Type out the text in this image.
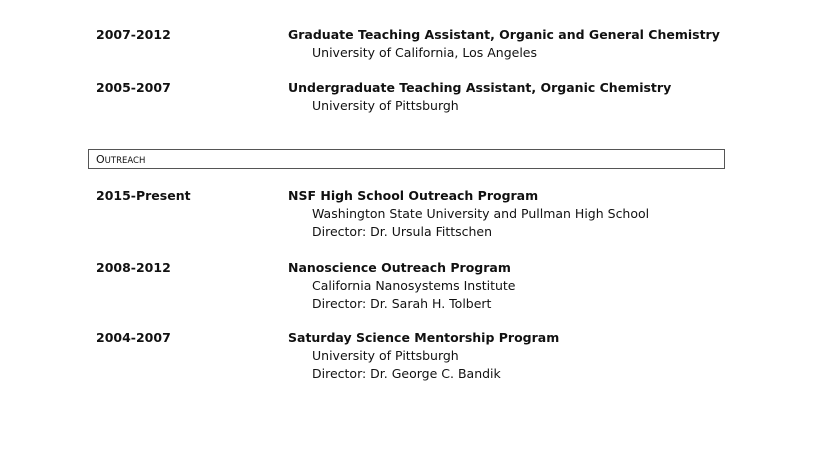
2007-2012	Graduate Teaching Assistant, Organic and General Chemistry
University of California, Los Angeles
2005-2007	Undergraduate Teaching Assistant, Organic Chemistry
University of Pittsburgh
OUTREACH
2015-Present	NSF High School Outreach Program
Washington State University and Pullman High School
Director: Dr. Ursula Fittschen
2008-2012	Nanoscience Outreach Program
California Nanosystems Institute
Director: Dr. Sarah H. Tolbert
2004-2007	Saturday Science Mentorship Program
University of Pittsburgh
Director: Dr. George C. Bandik
